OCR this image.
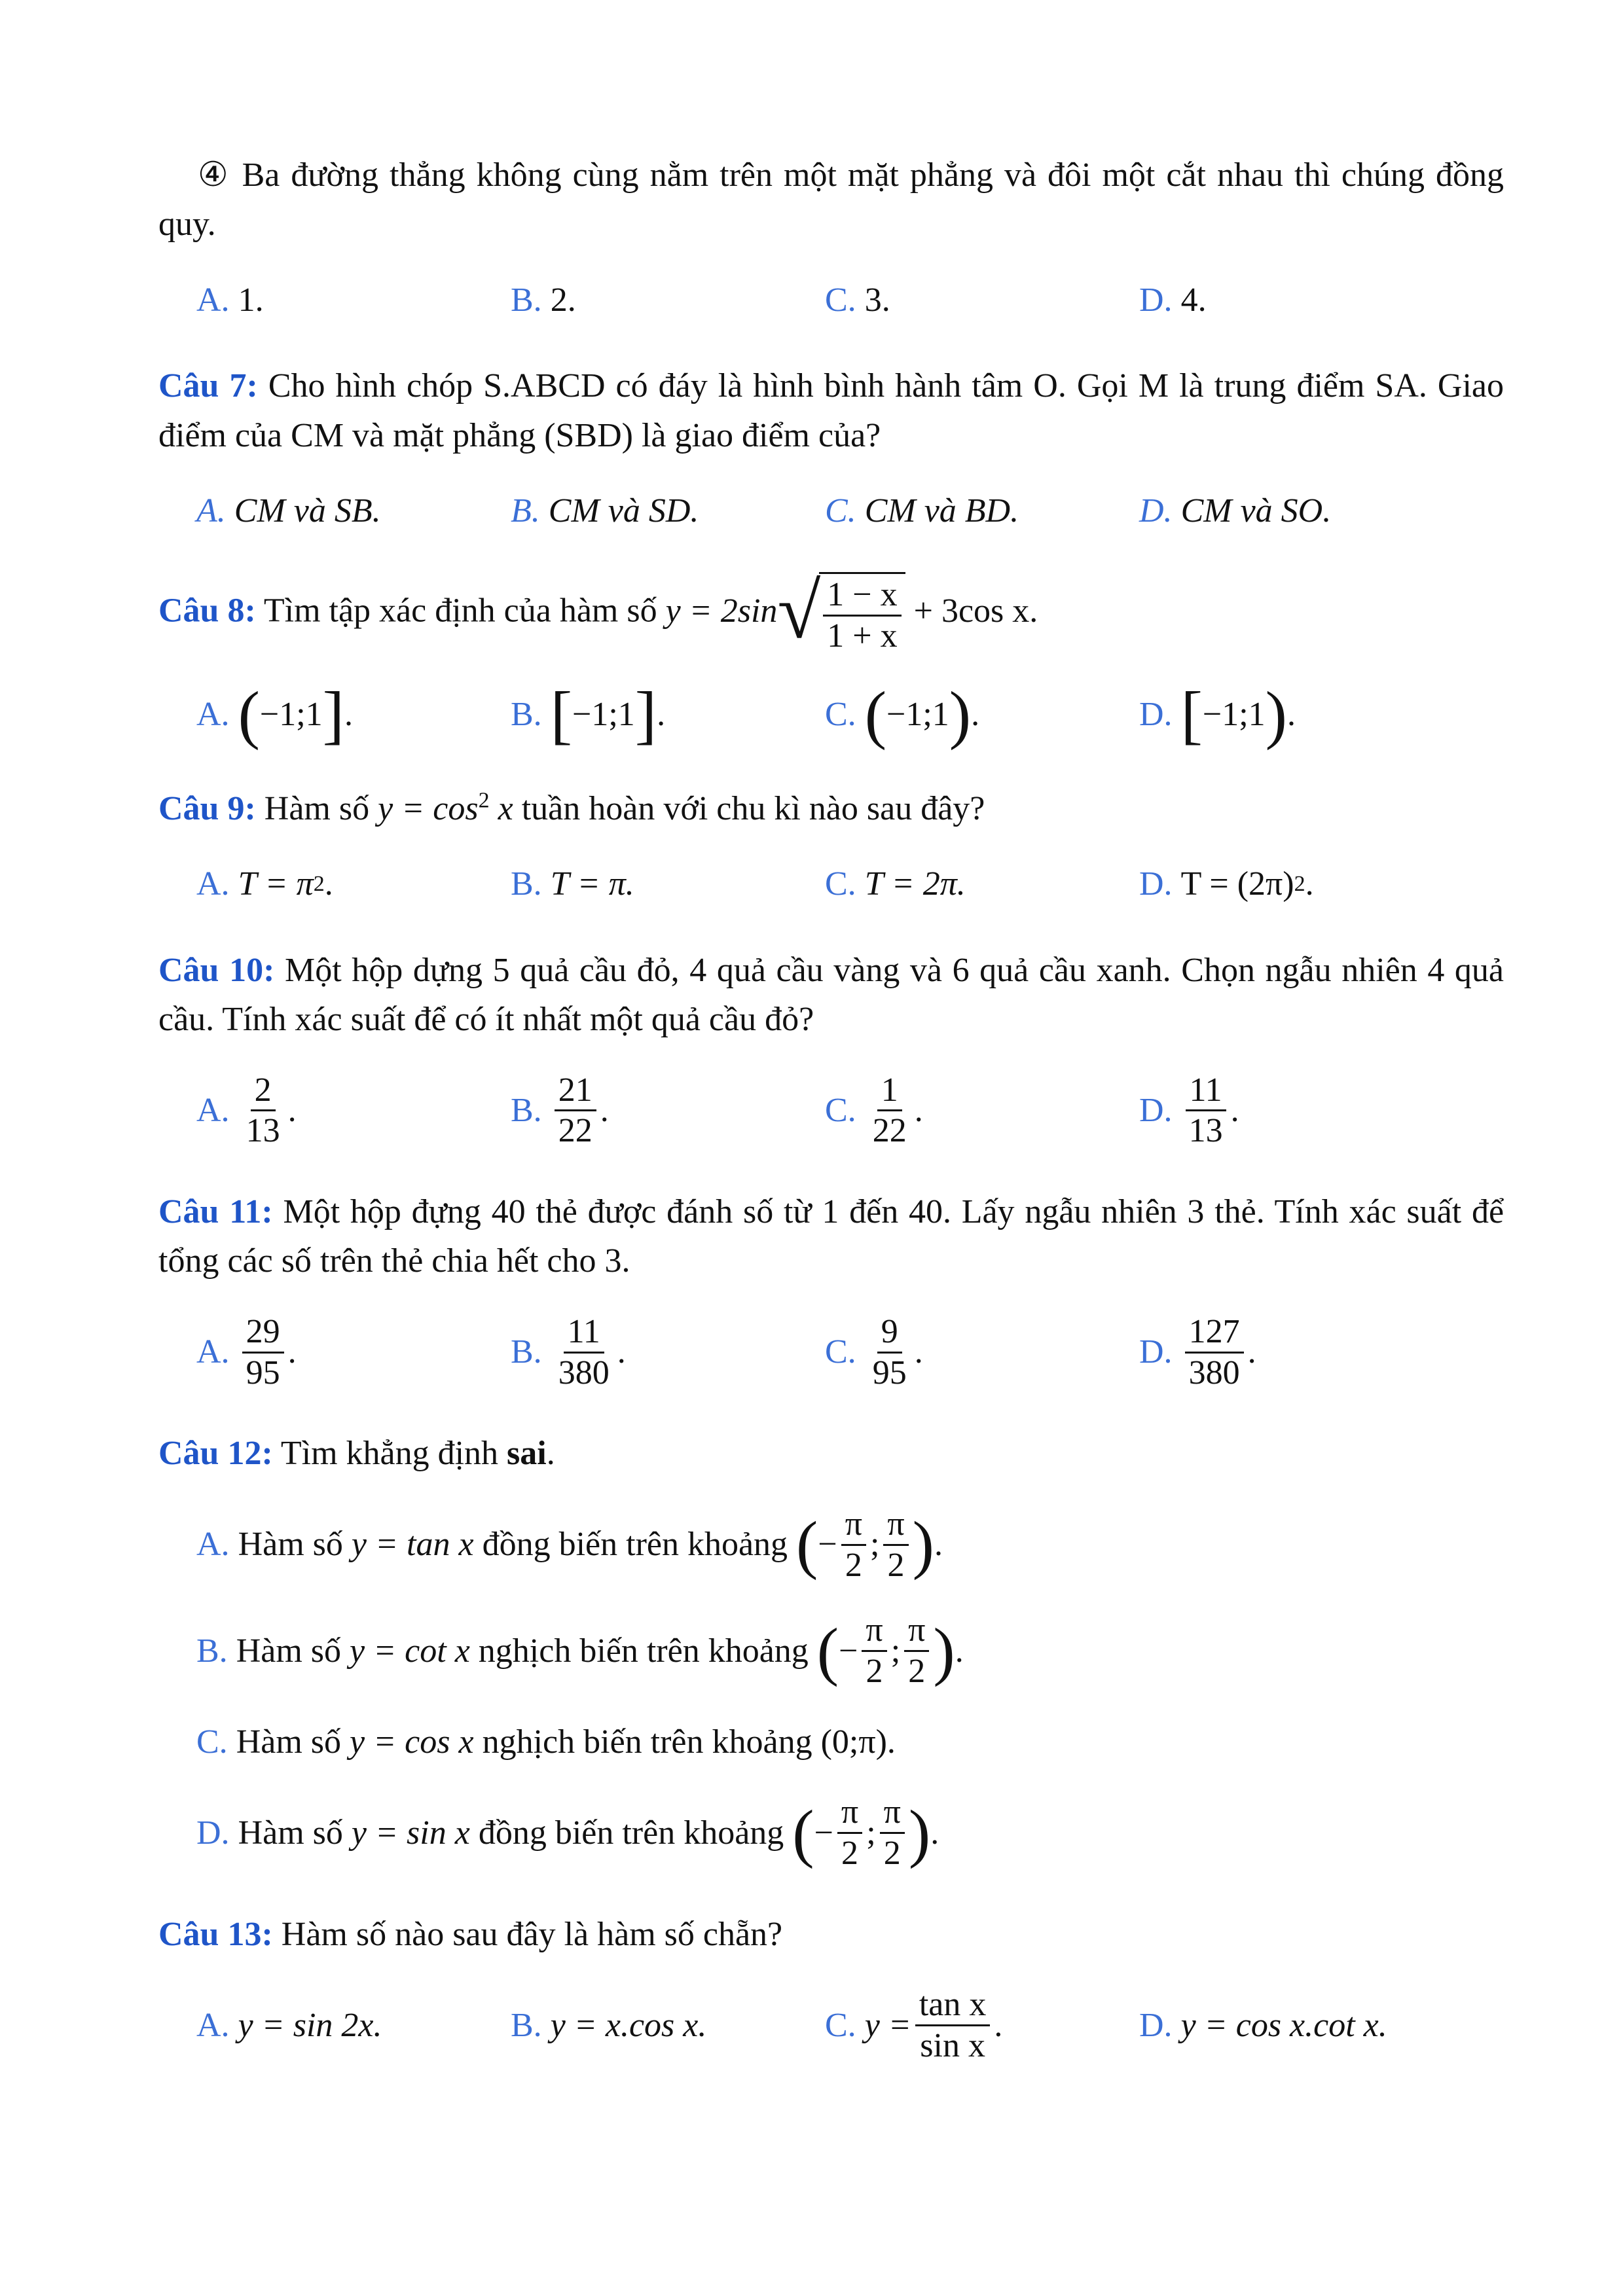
④ Ba đường thẳng không cùng nằm trên một mặt phẳng và đôi một cắt nhau thì chúng đồng quy.

A.
1.	B.
2.	C.
3.	D.
4.

Câu 7: Cho hình chóp S.ABCD có đáy là hình bình hành tâm O. Gọi M là trung điểm SA. Giao điểm của CM và mặt phẳng (SBD) là giao điểm của?

A.
CM và SB.	B.
CM và SD.	C.
CM và BD.	D.
CM và SO.

Câu 8: Tìm tập xác định của hàm số y = 2sin √ $\frac{1 - x}{1 + x} + 3\cos$ x.

A.
( −1;1 ] .	B.
[ −1;1 ] .	C.
( −1;1 ) .	D.
[ −1;1 ) .

Câu 9: Hàm số $y = \cos^2 x$ tuần hoàn với chu kì nào sau đây?

A.
T = π 2 .	B.
T = π.	C.
T = 2π.	D.
T = (2π) 2 .

Câu 10: Một hộp dựng 5 quả cầu đỏ, 4 quả cầu vàng và 6 quả cầu xanh. Chọn ngẫu nhiên 4 quả cầu. Tính xác suất để có ít nhất một quả cầu đỏ?

A.
$\frac{2}{13}$ .	B.
$\frac{21}{22}$ .	C.
$\frac{1}{22}$ .	D.
$\frac{11}{13}$ .

Câu 11: Một hộp đựng 40 thẻ được đánh số từ 1 đến 40. Lấy ngẫu nhiên 3 thẻ. Tính xác suất để tổng các số trên thẻ chia hết cho 3.

A.
$\frac{29}{95}$ .	B.
$\frac{11}{380}$ .	C.
$\frac{9}{95}$ .	D.
$\frac{127}{380}$ .

Câu 12: Tìm khẳng định sai.

A.
Hàm số
y = tan x
đồng biến trên khoảng
( − $\frac{\pi}{2}$ ; $\frac{\pi}{2}$ ) .
B.
Hàm số
y = cot x
nghịch biến trên khoảng
( − $\frac{\pi}{2}$ ; $\frac{\pi}{2}$ ) .
C.
Hàm số
y = cos x
nghịch biến trên khoảng
(0;π).
D.
Hàm số
y = sin x
đồng biến trên khoảng
( − $\frac{\pi}{2}$ ; $\frac{\pi}{2}$ ) .

Câu 13: Hàm số nào sau đây là hàm số chẵn?

A.
y = sin 2x.	B.
y = x.cos x.	C.
$y = \frac{\text{tan x}}{\text{sin x}}$ .	D.
y = cos x.cot x.
